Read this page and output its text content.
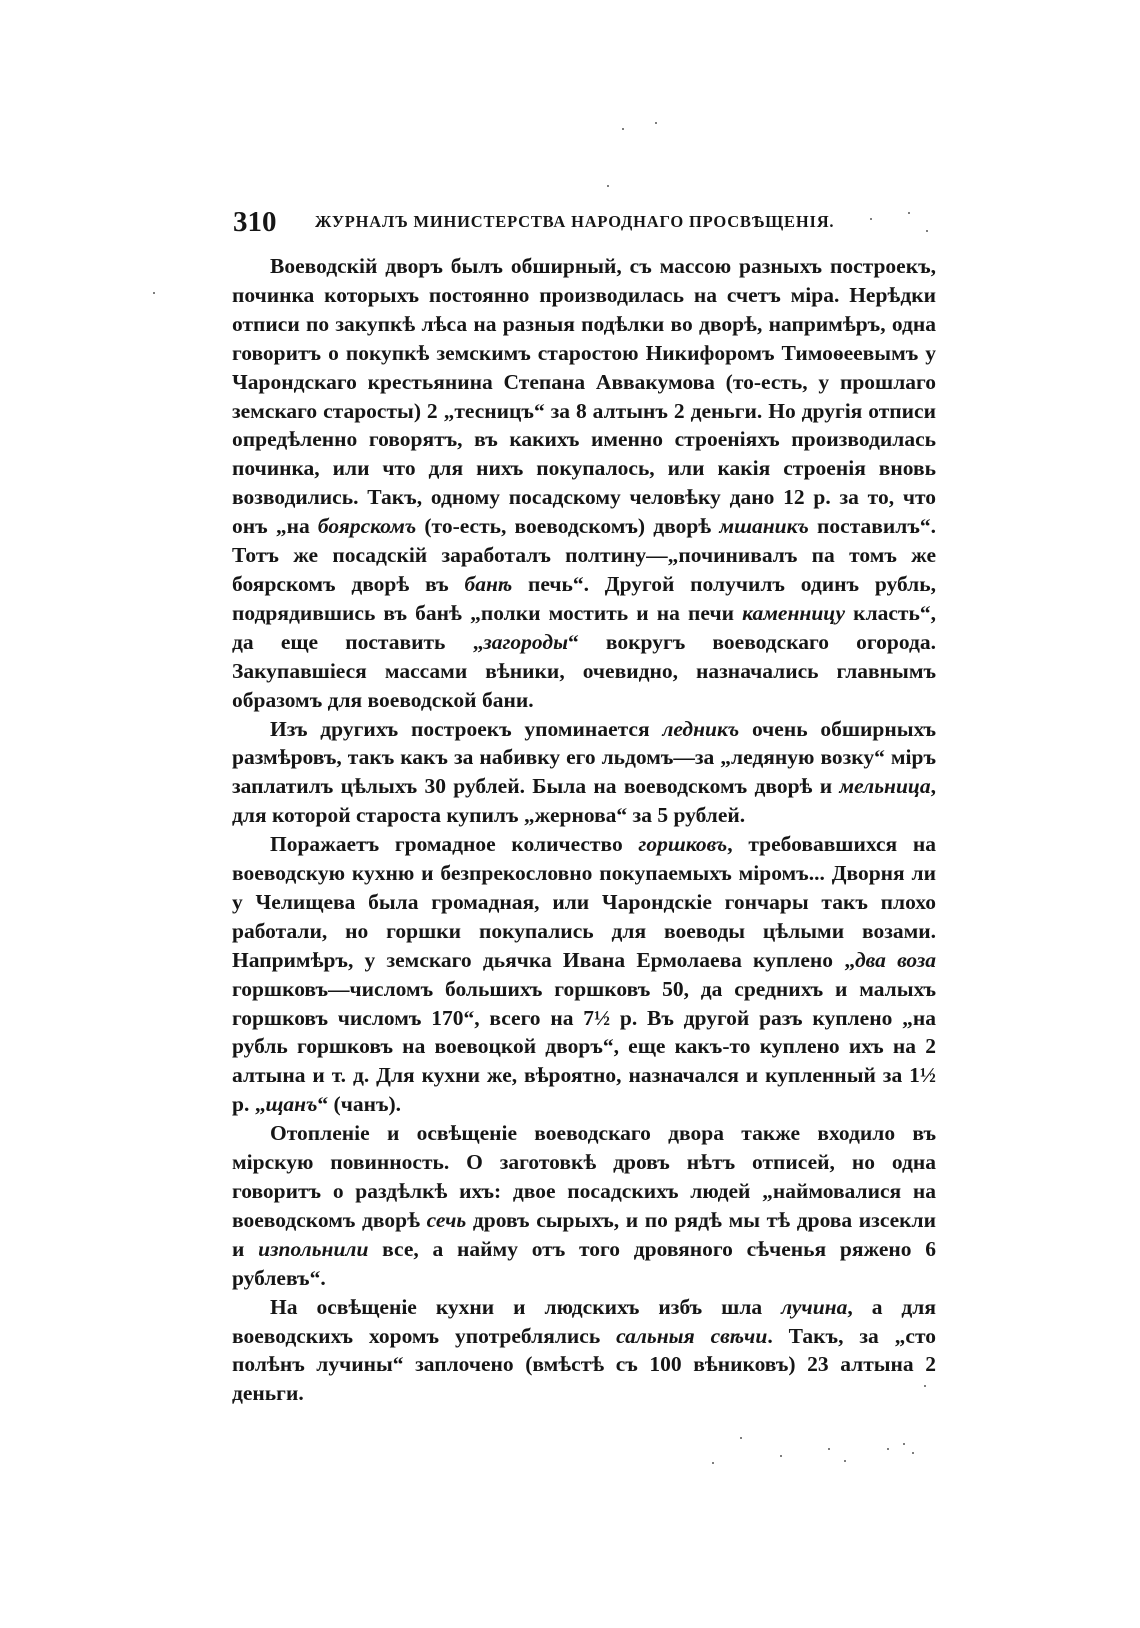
310 ЖУРНАЛЪ МИНИСТЕРСТВА НАРОДНАГО ПРОСВѢЩЕНІЯ.

Воеводскій дворъ былъ обширный, съ массою разныхъ построекъ, починка которыхъ постоянно производилась на счетъ міра. Нерѣдки отписи по закупкѣ лѣса на разныя подѣлки во дворѣ, напримѣръ, одна говоритъ о покупкѣ земскимъ старостою Никифоромъ Тимоѳеевымъ у Чарондскаго крестьянина Степана Аввакумова (то-есть, у прошлаго земскаго старосты) 2 „тесницъ“ за 8 алтынъ 2 деньги. Но другія отписи опредѣленно говорятъ, въ какихъ именно строеніяхъ производилась починка, или что для нихъ покупалось, или какія строенія вновь возводились. Такъ, одному посадскому человѣку дано 12 р. за то, что онъ „на боярскомъ (то-есть, воеводскомъ) дворѣ мшаникъ поставилъ“. Тотъ же посадскій заработалъ полтину—„починивалъ па томъ же боярскомъ дворѣ въ банѣ печь“. Другой получилъ одинъ рубль, подрядившись въ банѣ „полки мостить и на печи каменницу класть“, да еще поставить „загороды“ вокругъ воеводскаго огорода. Закупавшіеся массами вѣники, очевидно, назначались главнымъ образомъ для воеводской бани.

Изъ другихъ построекъ упоминается ледникъ очень обширныхъ размѣровъ, такъ какъ за набивку его льдомъ—за „ледяную возку“ міръ заплатилъ цѣлыхъ 30 рублей. Была на воеводскомъ дворѣ и мельница, для которой староста купилъ „жернова“ за 5 рублей.

Поражаетъ громадное количество горшковъ, требовавшихся на воеводскую кухню и безпрекословно покупаемыхъ міромъ... Дворня ли у Челищева была громадная, или Чарондскіе гончары такъ плохо работали, но горшки покупались для воеводы цѣлыми возами. Напримѣръ, у земскаго дьячка Ивана Ермолаева куплено „два воза горшковъ—числомъ большихъ горшковъ 50, да среднихъ и малыхъ горшковъ числомъ 170“, всего на 7½ р. Въ другой разъ куплено „на рубль горшковъ на воевоцкой дворъ“, еще какъ-то куплено ихъ на 2 алтына и т. д. Для кухни же, вѣроятно, назначался и купленный за 1½ р. „щанъ“ (чанъ).

Отопленіе и освѣщеніе воеводскаго двора также входило въ мірскую повинность. О заготовкѣ дровъ нѣтъ отписей, но одна говоритъ о раздѣлкѣ ихъ: двое посадскихъ людей „наймовалися на воеводскомъ дворѣ сечь дровъ сырыхъ, и по рядѣ мы тѣ дрова изсекли и изпольнили все, а найму отъ того дровяного сѣченья ряжено 6 рублевъ“.

На освѣщеніе кухни и людскихъ избъ шла лучина, а для воеводскихъ хоромъ употреблялись сальныя свѣчи. Такъ, за „сто полѣнъ лучины“ заплочено (вмѣстѣ съ 100 вѣниковъ) 23 алтына 2 деньги.
